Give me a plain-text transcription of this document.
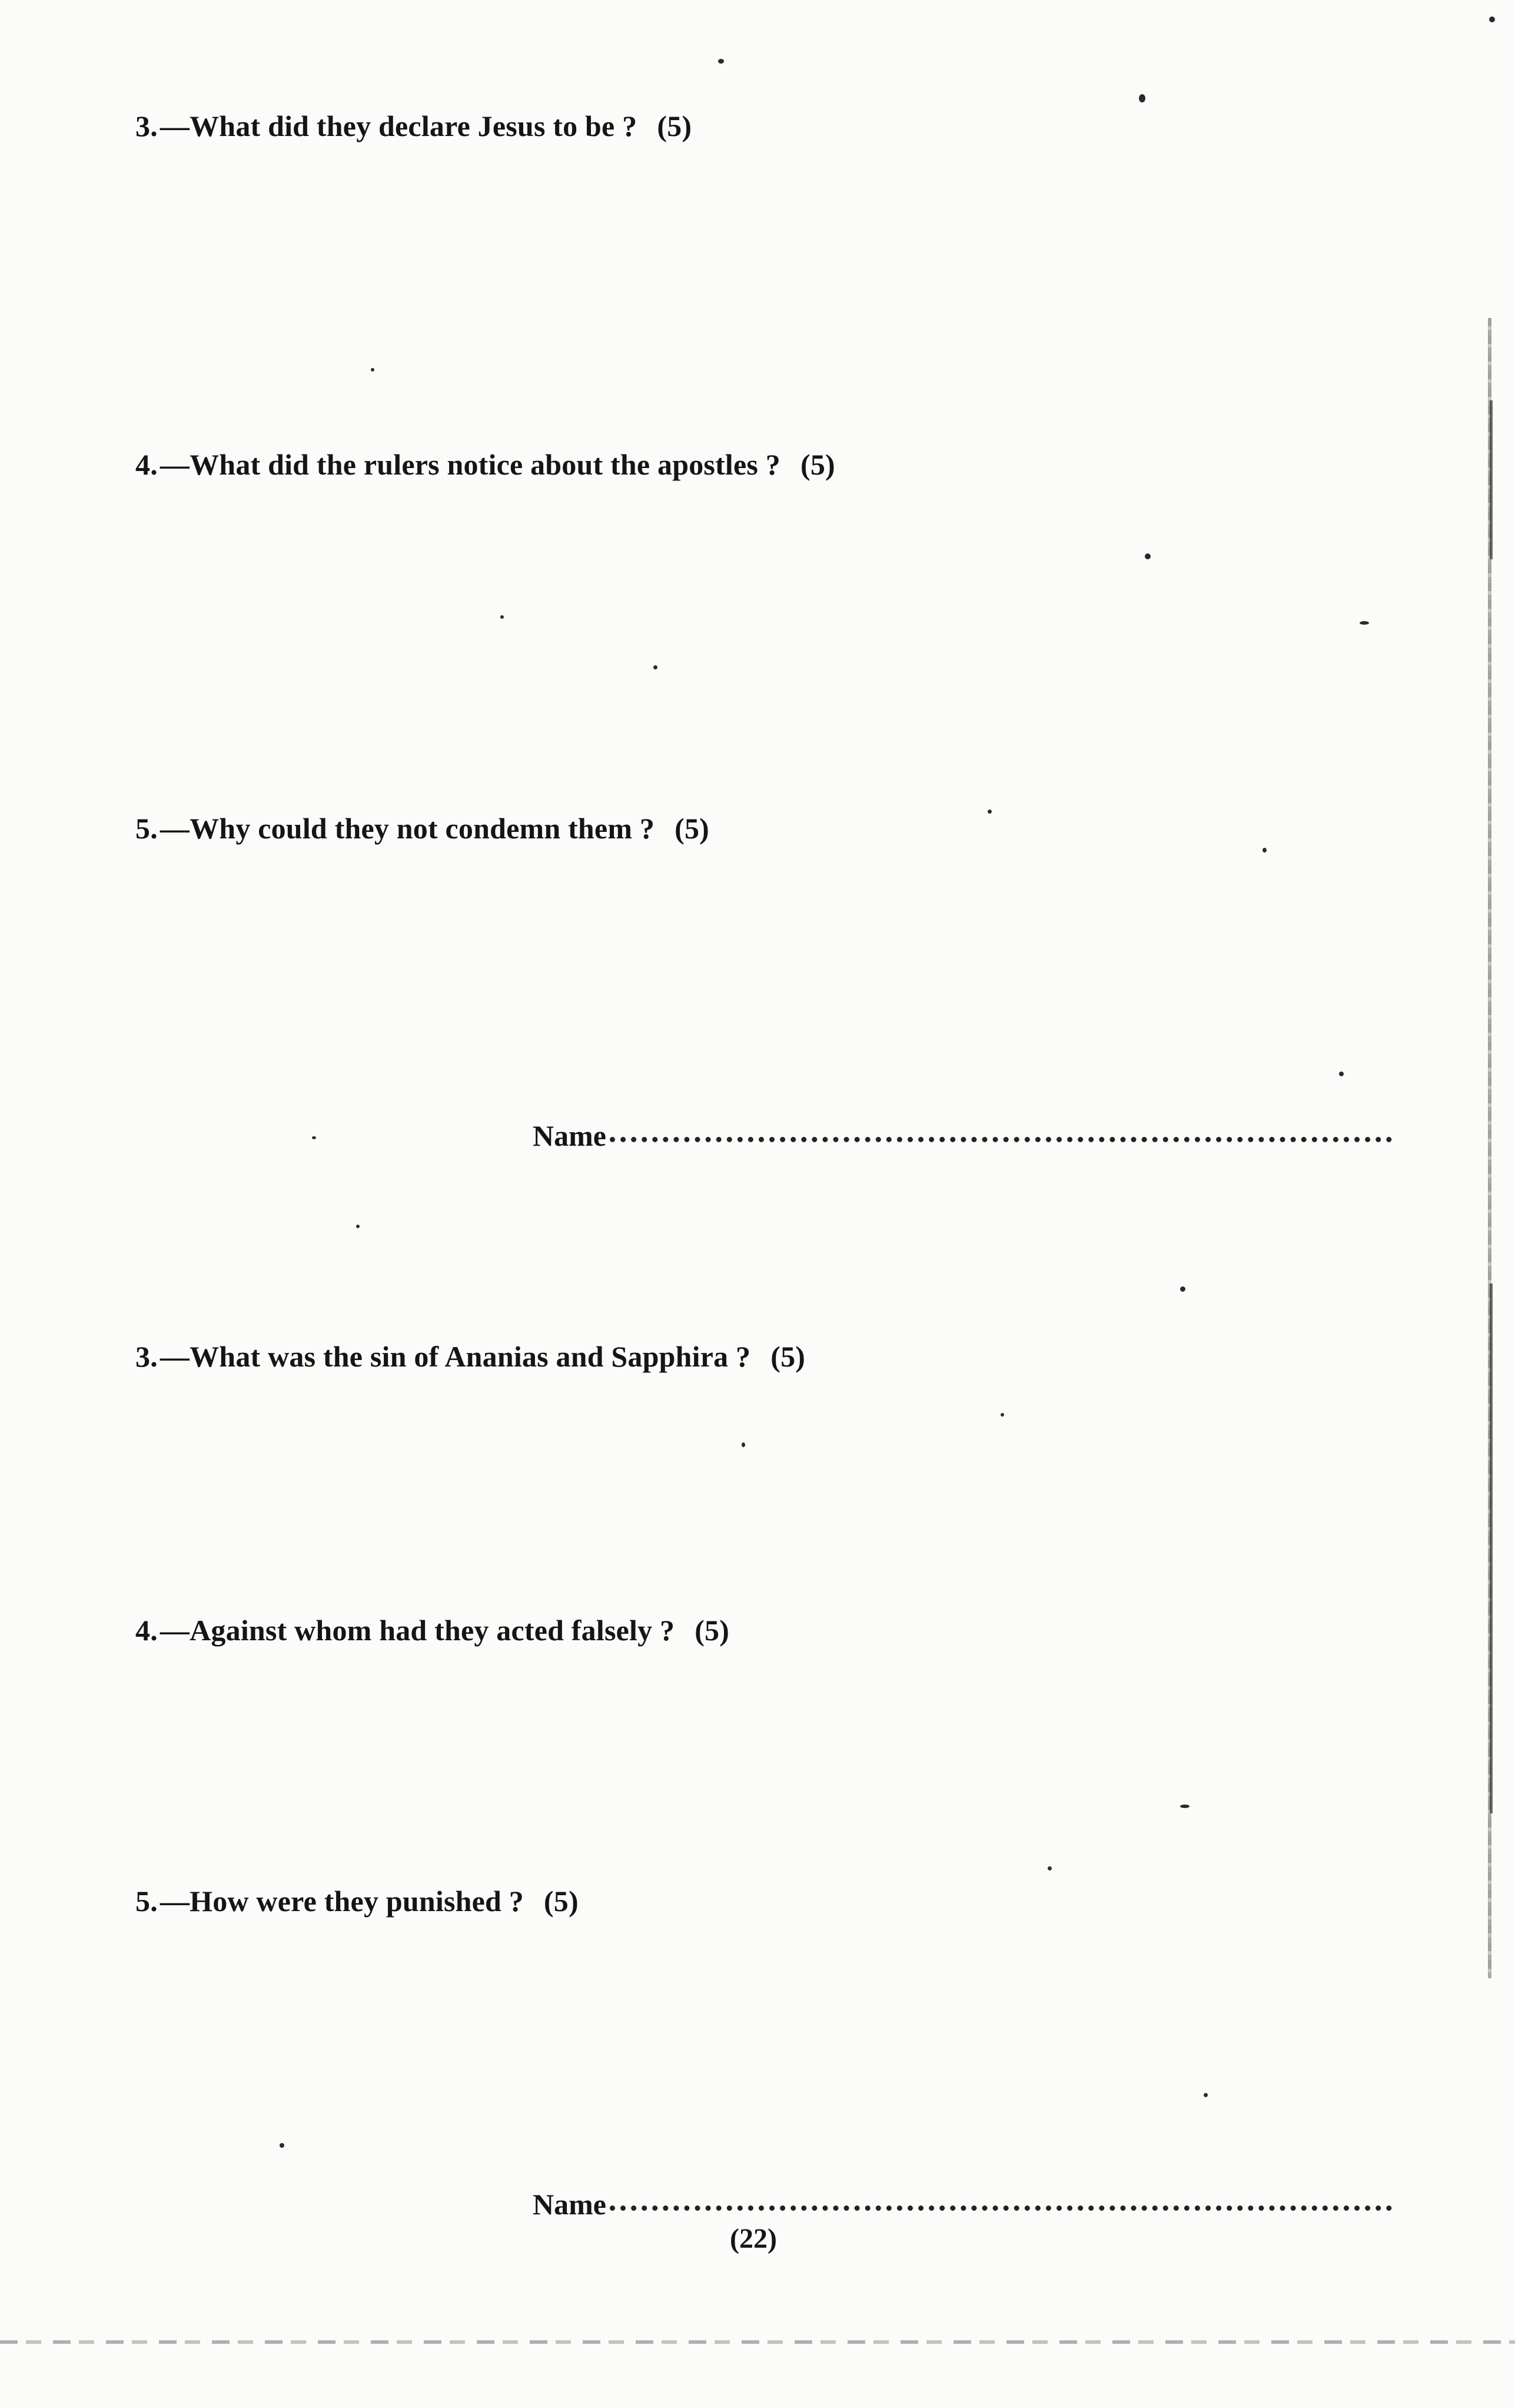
3.—What did they declare Jesus to be ? (5)
4.—What did the rulers notice about the apostles ? (5)
5.—Why could they not condemn them ? (5)
Name
3.—What was the sin of Ananias and Sapphira ? (5)
4.—Against whom had they acted falsely ? (5)
5.—How were they punished ? (5)
Name
(22)
